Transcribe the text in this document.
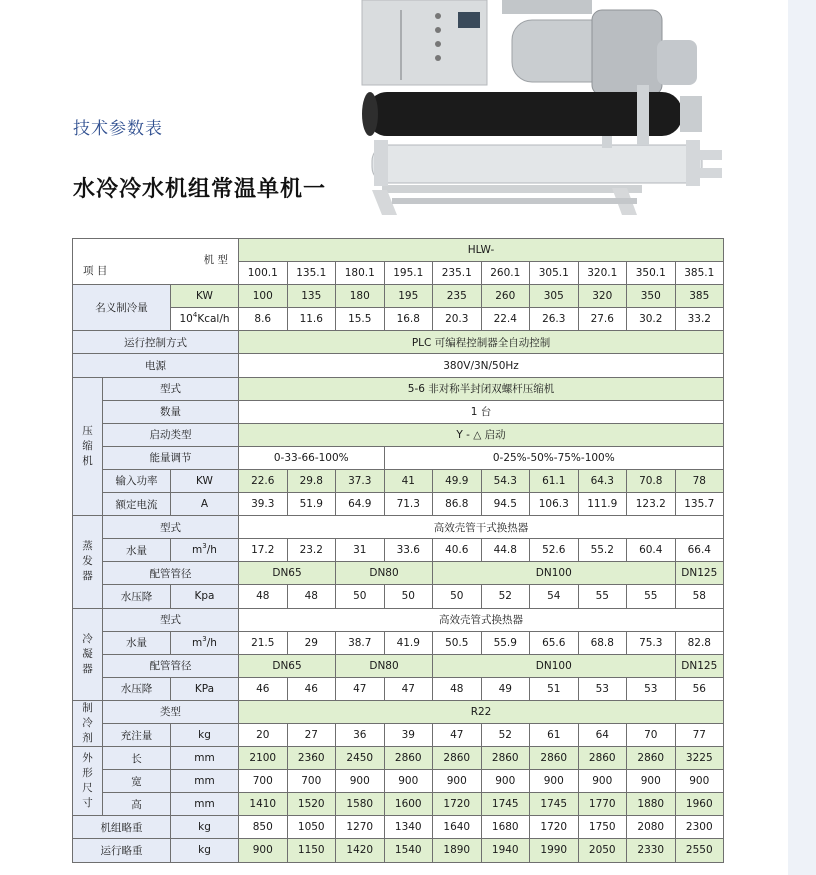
技术参数表
水冷冷水机组常温单机一
项 目
机 型			HLW-									
			100.1	135.1	180.1	195.1	235.1	260.1	305.1	320.1	350.1	385.1
名义制冷量		KW	100	135	180	195	235	260	305	320	350	385
		$10^4Kcal/h$	8.6	11.6	15.5	16.8	20.3	22.4	26.3	27.6	30.2	33.2
运行控制方式			PLC 可编程控制器全自动控制									
电源			380V/3N/50Hz									

压
缩
机	型式		5-6 非对称半封闭双螺杆压缩机									
	数量		1 台									
	启动类型		Y - △ 启动									
	能量调节		0-33-66-100%			0-25%-50%-75%-100%						
	输入功率	KW	22.6	29.8	37.3	41	49.9	54.3	61.1	64.3	70.8	78
	额定电流	A	39.3	51.9	64.9	71.3	86.8	94.5	106.3	111.9	123.2	135.7

蒸
发
器	型式		高效壳管干式换热器									
	水量	$m^3/h$	17.2	23.2	31	33.6	40.6	44.8	52.6	55.2	60.4	66.4
	配管管径		DN65		DN80		DN100					DN125
	水压降	Kpa	48	48	50	50	50	52	54	55	55	58

冷
凝
器	型式		高效壳管式换热器									
	水量	$m^3/h$	21.5	29	38.7	41.9	50.5	55.9	65.6	68.8	75.3	82.8
	配管管径		DN65		DN80		DN100					DN125
	水压降	KPa	46	46	47	47	48	49	51	53	53	56

制
冷
剂	类型		R22									
	充注量	kg	20	27	36	39	47	52	61	64	70	77

外
形
尺
寸	长	mm	2100	2360	2450	2860	2860	2860	2860	2860	2860	3225
	宽	mm	700	700	900	900	900	900	900	900	900	900
	高	mm	1410	1520	1580	1600	1720	1745	1745	1770	1880	1960
机组略重		kg	850	1050	1270	1340	1640	1680	1720	1750	2080	2300
运行略重		kg	900	1150	1420	1540	1890	1940	1990	2050	2330	2550
